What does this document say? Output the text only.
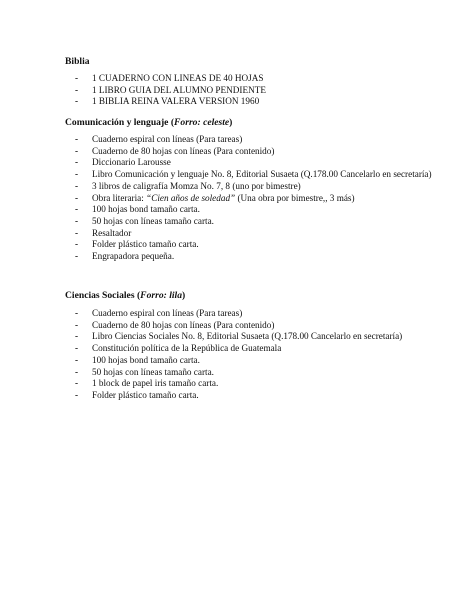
Biblia
- 1 CUADERNO CON LINEAS DE 40 HOJAS
- 1 LIBRO GUIA DEL ALUMNO PENDIENTE
- 1 BIBLIA REINA VALERA VERSION 1960
Comunicación y lenguaje (Forro: celeste)
- Cuaderno espiral con líneas (Para tareas)
- Cuaderno de 80 hojas con líneas (Para contenido)
- Diccionario Larousse
- Libro Comunicación y lenguaje No. 8, Editorial Susaeta (Q.178.00 Cancelarlo en secretaría)
- 3 libros de caligrafía Momza No. 7, 8 (uno por bimestre)
- Obra literaria: “Cien años de soledad” (Una obra por bimestre,, 3 más)
- 100 hojas bond tamaño carta.
- 50 hojas con líneas tamaño carta.
- Resaltador
- Folder plástico tamaño carta.
- Engrapadora pequeña.
Ciencias Sociales (Forro: lila)
- Cuaderno espiral con líneas (Para tareas)
- Cuaderno de 80 hojas con líneas (Para contenido)
- Libro Ciencias Sociales No. 8, Editorial Susaeta (Q.178.00 Cancelarlo en secretaría)
- Constitución política de la República de Guatemala
- 100 hojas bond tamaño carta.
- 50 hojas con líneas tamaño carta.
- 1 block de papel iris tamaño carta.
- Folder plástico tamaño carta.
